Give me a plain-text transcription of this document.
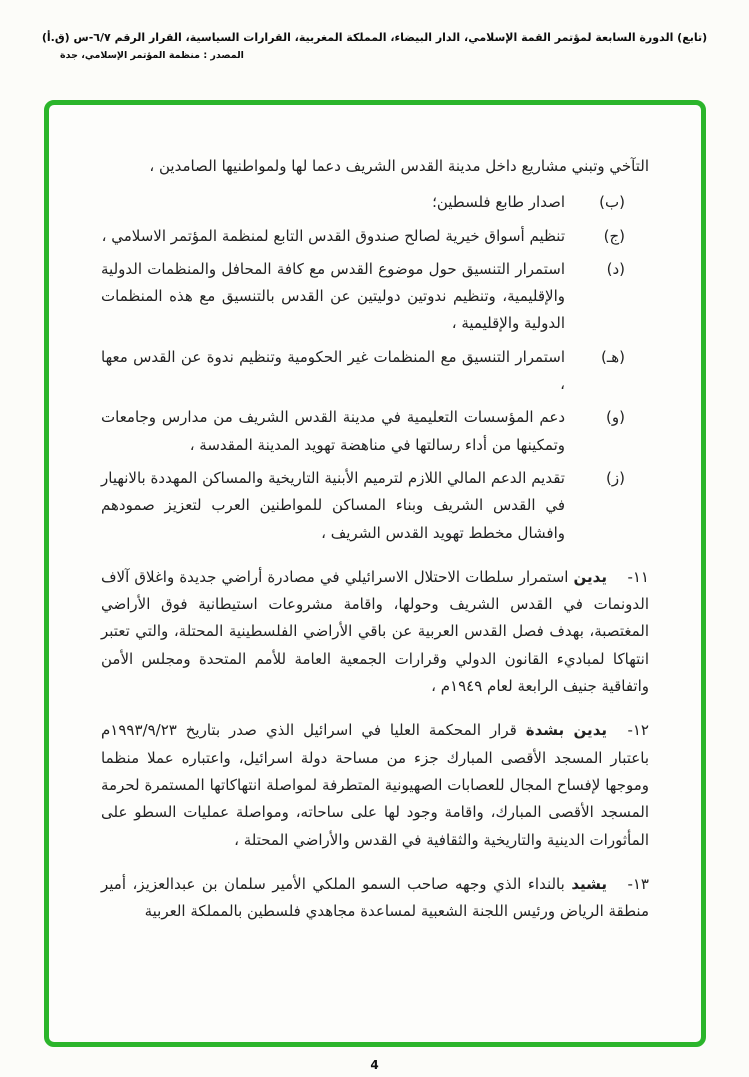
(تابع) الدورة السابعة لمؤتمر القمة الإسلامي، الدار البيضاء، المملكة المغربية، القرارات السياسية، القرار الرقم ٦/٧-س (ق.أ)
المصدر : منظمة المؤتمر الإسلامي، جدة

التآخي وتبني مشاريع داخل مدينة القدس الشريف دعما لها ولمواطنيها الصامدين ،

(ب)
اصدار طابع فلسطين؛
(ج)
تنظيم أسواق خيرية لصالح صندوق القدس التابع لمنظمة المؤتمر الاسلامي ،
(د)
استمرار التنسيق حول موضوع القدس مع كافة المحافل والمنظمات الدولية والإقليمية، وتنظيم ندوتين دوليتين عن القدس بالتنسيق مع هذه المنظمات الدولية والإقليمية ،
(هـ)
استمرار التنسيق مع المنظمات غير الحكومية وتنظيم ندوة عن القدس معها ،
(و)
دعم المؤسسات التعليمية في مدينة القدس الشريف من مدارس وجامعات وتمكينها من أداء رسالتها في مناهضة تهويد المدينة المقدسة ،
(ز)
تقديم الدعم المالي اللازم لترميم الأبنية التاريخية والمساكن المهددة بالانهيار في القدس الشريف وبناء المساكن للمواطنين العرب لتعزيز صمودهم وافشال مخطط تهويد القدس الشريف ،
١١-

يدين استمرار سلطات الاحتلال الاسرائيلي في مصادرة أراضي جديدة واغلاق آلاف الدونمات في القدس الشريف وحولها، واقامة مشروعات استيطانية فوق الأراضي المغتصبة، بهدف فصل القدس العربية عن باقي الأراضي الفلسطينية المحتلة، والتي تعتبر انتهاكا لمباديء القانون الدولي وقرارات الجمعية العامة للأمم المتحدة ومجلس الأمن واتفاقية جنيف الرابعة لعام ١٩٤٩م ،

١٢-

يدين بشدة قرار المحكمة العليا في اسرائيل الذي صدر بتاريخ ١٩٩٣/٩/٢٣م باعتبار المسجد الأقصى المبارك جزء من مساحة دولة اسرائيل، واعتباره عملا منظما وموجها لإفساح المجال للعصابات الصهيونية المتطرفة لمواصلة انتهاكاتها المستمرة لحرمة المسجد الأقصى المبارك، واقامة وجود لها على ساحاته، ومواصلة عمليات السطو على المأثورات الدينية والتاريخية والثقافية في القدس والأراضي المحتلة ،

١٣-

يشيد بالنداء الذي وجهه صاحب السمو الملكي الأمير سلمان بن عبدالعزيز، أمير منطقة الرياض ورئيس اللجنة الشعبية لمساعدة مجاهدي فلسطين بالمملكة العربية

4
